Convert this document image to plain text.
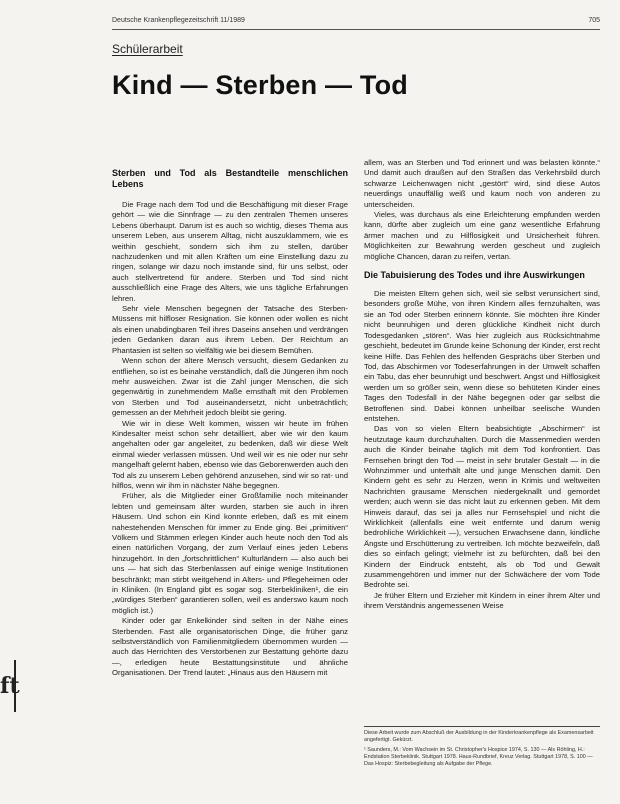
Deutsche Krankenpflegezeitschrift 11/1989	705
Schülerarbeit
Kind — Sterben — Tod
Sterben und Tod als Bestandteile menschlichen Lebens

Die Frage nach dem Tod und die Beschäftigung mit dieser Frage gehört — wie die Sinnfrage — zu den zentralen Themen unseres Lebens überhaupt. Darum ist es auch so wichtig, dieses Thema aus unserem Leben, aus unserem Alltag, nicht auszuklammern, wie es weithin geschieht, sondern sich ihm zu stellen, darüber nachzudenken und mit allen Kräften um eine Einstellung dazu zu ringen, solange wir dazu noch imstande sind, für uns selbst, oder auch stellvertretend für andere. Sterben und Tod sind nicht ausschließlich eine Frage des Alters, wie uns tägliche Erfahrungen lehren.

Sehr viele Menschen begegnen der Tatsache des Sterben-Müssens mit hilfloser Resignation. Sie können oder wollen es nicht als einen unabdingbaren Teil ihres Daseins ansehen und verdrängen jeden Gedanken daran aus ihrem Leben. Der Reichtum an Phantasien ist selten so vielfältig wie bei diesem Bemühen.

Wenn schon der ältere Mensch versucht, diesem Gedanken zu entfliehen, so ist es beinahe verständlich, daß die Jüngeren ihm noch mehr ausweichen. Zwar ist die Zahl junger Menschen, die sich gegenwärtig in zunehmendem Maße ernsthaft mit den Problemen von Sterben und Tod auseinandersetzt, nicht unbeträchtlich; gemessen an der Mehrheit jedoch bleibt sie gering.

Wie wir in diese Welt kommen, wissen wir heute im frühen Kindesalter meist schon sehr detailliert, aber wie wir den kaum angehalten oder gar angeleitet, zu bedenken, daß wir diese Welt einmal wieder verlassen müssen. Und weil wir es nie oder nur sehr mangelhaft gelernt haben, ebenso wie das Geborenwerden auch den Tod als zu unserem Leben gehörend anzusehen, sind wir so rat- und hilflos, wenn wir ihm in nächster Nähe begegnen.

Früher, als die Mitglieder einer Großfamilie noch miteinander lebten und gemeinsam älter wurden, starben sie auch in ihren Häusern. Und schon ein Kind konnte erleben, daß es mit einem nahestehenden Menschen für immer zu Ende ging. Bei „primitiven“ Völkern und Stämmen erlegen Kinder auch heute noch den Tod als einen natürlichen Vorgang, der zum Verlauf eines jeden Lebens hinzugehört. In den „fortschrittlichen“ Kulturländern — also auch bei uns — hat sich das Sterbenlassen auf einige wenige Institutionen beschränkt; man stirbt weitgehend in Alters- und Pflegeheimen oder in Kliniken. (In England gibt es sogar sog. Sterbekliniken¹, die ein „würdiges Sterben“ garantieren sollen, weil es anderswo kaum noch möglich ist.)

Kinder oder gar Enkelkinder sind selten in der Nähe eines Sterbenden. Fast alle organisatorischen Dinge, die früher ganz selbstverständlich von Familienmitgliedern übernommen wurden — auch das Herrichten des Verstorbenen zur Bestattung gehörte dazu —, erledigen heute Bestattungsinstitute und ähnliche Organisationen. Der Trend lautet: „Hinaus aus den Häusern mit

allem, was an Sterben und Tod erinnert und was belasten könnte.“ Und damit auch draußen auf den Straßen das Verkehrsbild durch schwarze Leichenwagen nicht „gestört“ wird, sind diese Autos neuerdings unauffällig weiß und kaum noch von anderen zu unterscheiden.

Vieles, was durchaus als eine Erleichterung empfunden werden kann, dürfte aber zugleich um eine ganz wesentliche Erfahrung ärmer machen und zu Hilflosigkeit und Unsicherheit führen. Möglichkeiten zur Bewahrung werden gescheut und zugleich mögliche Chancen, daran zu reifen, vertan.

Die Tabuisierung des Todes und ihre Auswirkungen

Die meisten Eltern gehen sich, weil sie selbst verunsichert sind, besonders große Mühe, von ihren Kindern alles fernzuhalten, was sie an Tod oder Sterben erinnern könnte. Sie möchten ihre Kinder nicht beunruhigen und deren glückliche Kindheit nicht durch Todesgedanken „stören“. Was hier zugleich aus Rücksichtnahme geschieht, bedeutet im Grunde keine Schonung der Kinder, erst recht keine Hilfe. Das Fehlen des helfenden Gesprächs über Sterben und Tod, das Abschirmen vor Todeserfahrungen in der Umwelt schaffen ein Tabu, das eher beunruhigt und beschwert. Angst und Hilflosigkeit werden um so größer sein, wenn diese so behüteten Kinder eines Tages den Todesfall in der Nähe begegnen oder gar selbst die Betroffenen sind. Dabei können unheilbar seelische Wunden entstehen.

Das von so vielen Eltern beabsichtigte „Abschirmen“ ist heutzutage kaum durchzuhalten. Durch die Massenmedien werden auch die Kinder beinahe täglich mit dem Tod konfrontiert. Das Fernsehen bringt den Tod — meist in sehr brutaler Gestalt — in die Wohnzimmer und unterhält alte und junge Menschen damit. Den Kindern geht es sehr zu Herzen, wenn in Krimis und weltweiten Nachrichten grausame Menschen niedergeknallt und gemordet werden; auch wenn sie das nicht laut zu erkennen geben. Mit dem Hinweis darauf, das sei ja alles nur Fernsehspiel und nicht die Wirklichkeit (allenfalls eine weit entfernte und darum wenig bedrohliche Wirklichkeit —), versuchen Erwachsene dann, kindliche Ängste und Erschütterung zu vertreiben. Ich möchte bezweifeln, daß dies so einfach gelingt; vielmehr ist zu befürchten, daß bei den Kindern der Eindruck entsteht, als ob Tod und Gewalt zusammengehören und immer nur der Schwächere der vom Tode Bedrohte sei.

Je früher Eltern und Erzieher mit Kindern in einer ihrem Alter und ihrem Verständnis angemessenen Weise

Diese Arbeit wurde zum Abschluß der Ausbildung in der Kinderkrankenpflege als Examensarbeit angefertigt. Gekürzt.
¹ Saunders, M.: Vom Wachsein im St. Christopher's Hospice 1974, S. 130 — Als Röhling, H.: Endstation Sterbeklinik. Stuttgart 1978. Haus-Rundbrief, Kreuz Verlag. Stuttgart 1978, S. 100 — Das Hospiz: Sterbebegleitung als Aufgabe der Pflege.
ft
